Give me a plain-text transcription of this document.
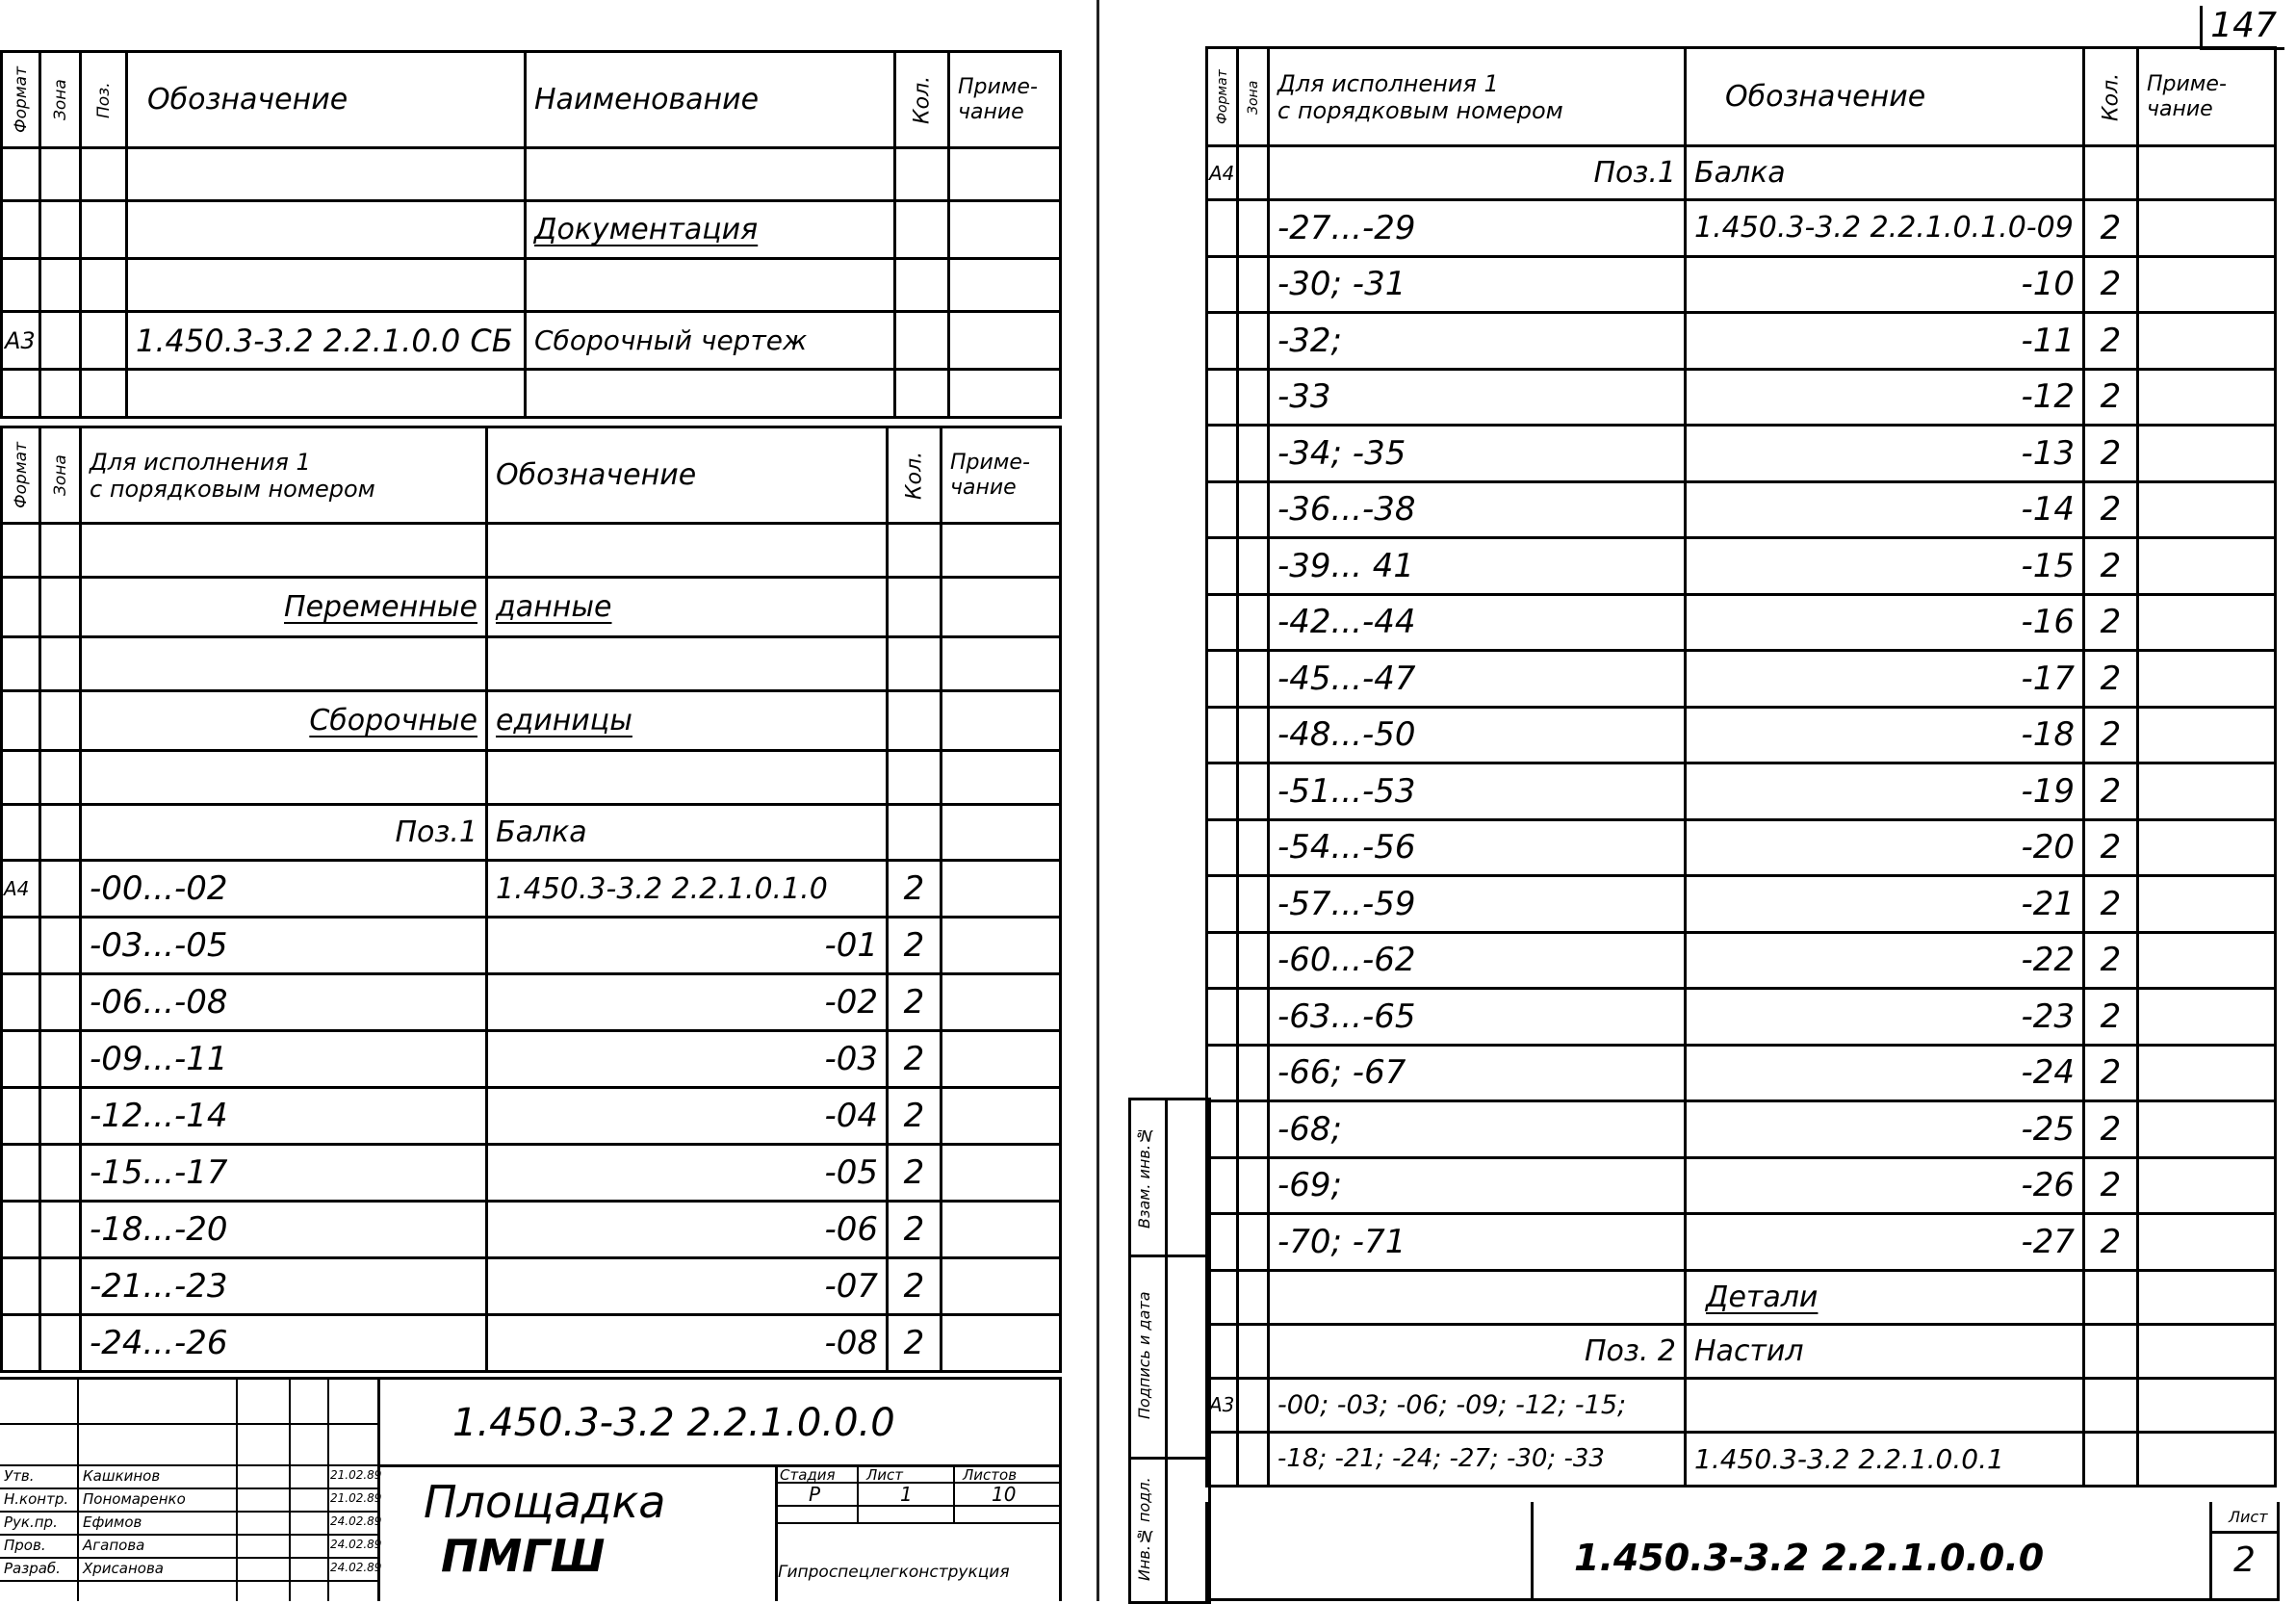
Формат	Зона	Поз.	Обозначение	Наименование	Кол.	Приме-
чание

				Документация		

А3			1.450.3-3.2 2.2.1.0.0 СБ	Сборочный чертеж		

Формат	Зона	Для исполнения 1
с порядковым номером	Обозначение	Кол.	Приме-
чание

		Переменные	данные		

		Сборочные	единицы		

		Поз.1	Балка		
А4		-00...-02	1.450.3-3.2 2.2.1.0.1.0	2	
		-03...-05	-01	2	
		-06...-08	-02	2	
		-09...-11	-03	2	
		-12...-14	-04	2	
		-15...-17	-05	2	
		-18...-20	-06	2	
		-21...-23	-07	2	
		-24...-26	-08	2	
Утв.	Кашкинов	21.02.89
Н.контр. Пономаренко	21.02.89
Рук.пр. Ефимов	24.02.89
Пров.	Агапова	24.02.89
Разраб. Хрисанова	24.02.89
1.450.3-3.2 2.2.1.0.0.0
Площадка
ПМГШ
Стадия Лист	Листов
Р	1	10
Гипроспецлегконструкция
147
Формат	Зона	Для исполнения 1
с порядковым номером	Обозначение	Кол.	Приме-
чание
А4		Поз.1	Балка		
		-27...-29	1.450.3-3.2 2.2.1.0.1.0-09	2	
		-30; -31	-10	2	
		-32;	-11	2	
		-33	-12	2	
		-34; -35	-13	2	
		-36...-38	-14	2	
		-39... 41	-15	2	
		-42...-44	-16	2	
		-45...-47	-17	2	
		-48...-50	-18	2	
		-51...-53	-19	2	
		-54...-56	-20	2	
		-57...-59	-21	2	
		-60...-62	-22	2	
		-63...-65	-23	2	
		-66; -67	-24	2	
		-68;	-25	2	
		-69;	-26	2	
		-70; -71	-27	2	
			Детали		
		Поз. 2	Настил		
А3		-00; -03; -06; -09; -12; -15;			
		-18; -21; -24; -27; -30; -33	1.450.3-3.2 2.2.1.0.0.1		
1.450.3-3.2 2.2.1.0.0.0
Лист
2
Инв.№ подл.
Подпись и дата
Взам. инв.№
